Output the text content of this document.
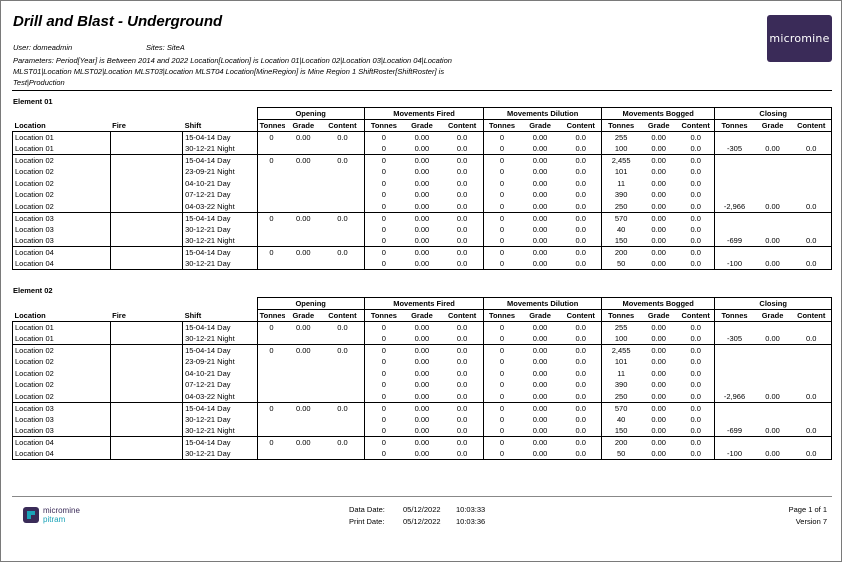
Drill and Blast - Underground
micromine
User: domeadmin	Sites: SiteA
Parameters: Period[Year] is Between 2014 and 2022 Location[Location] is Location 01|Location 02|Location 03|Location 04|Location
MLST01|Location MLST02|Location MLST03|Location MLST04 Location[MineRegion] is Mine Region 1 ShiftRoster[ShiftRoster] is
Test|Production
Element 01
			Opening			Movements Fired			Movements Dilution			Movements Bogged			Closing		
Location	Fire	Shift	Tonnes	Grade	Content	Tonnes	Grade	Content	Tonnes	Grade	Content	Tonnes	Grade	Content	Tonnes	Grade	Content
Location 01		15-04-14 Day	0	0.00	0.0	0	0.00	0.0	0	0.00	0.0	255	0.00	0.0			
Location 01		30-12-21 Night				0	0.00	0.0	0	0.00	0.0	100	0.00	0.0	-305	0.00	0.0
Location 02		15-04-14 Day	0	0.00	0.0	0	0.00	0.0	0	0.00	0.0	2,455	0.00	0.0			
Location 02		23-09-21 Night				0	0.00	0.0	0	0.00	0.0	101	0.00	0.0			
Location 02		04-10-21 Day				0	0.00	0.0	0	0.00	0.0	11	0.00	0.0			
Location 02		07-12-21 Day				0	0.00	0.0	0	0.00	0.0	390	0.00	0.0			
Location 02		04-03-22 Night				0	0.00	0.0	0	0.00	0.0	250	0.00	0.0	-2,966	0.00	0.0
Location 03		15-04-14 Day	0	0.00	0.0	0	0.00	0.0	0	0.00	0.0	570	0.00	0.0			
Location 03		30-12-21 Day				0	0.00	0.0	0	0.00	0.0	40	0.00	0.0			
Location 03		30-12-21 Night				0	0.00	0.0	0	0.00	0.0	150	0.00	0.0	-699	0.00	0.0
Location 04		15-04-14 Day	0	0.00	0.0	0	0.00	0.0	0	0.00	0.0	200	0.00	0.0			
Location 04		30-12-21 Day				0	0.00	0.0	0	0.00	0.0	50	0.00	0.0	-100	0.00	0.0
Element 02
			Opening			Movements Fired			Movements Dilution			Movements Bogged			Closing		
Location	Fire	Shift	Tonnes	Grade	Content	Tonnes	Grade	Content	Tonnes	Grade	Content	Tonnes	Grade	Content	Tonnes	Grade	Content
Location 01		15-04-14 Day	0	0.00	0.0	0	0.00	0.0	0	0.00	0.0	255	0.00	0.0			
Location 01		30-12-21 Night				0	0.00	0.0	0	0.00	0.0	100	0.00	0.0	-305	0.00	0.0
Location 02		15-04-14 Day	0	0.00	0.0	0	0.00	0.0	0	0.00	0.0	2,455	0.00	0.0			
Location 02		23-09-21 Night				0	0.00	0.0	0	0.00	0.0	101	0.00	0.0			
Location 02		04-10-21 Day				0	0.00	0.0	0	0.00	0.0	11	0.00	0.0			
Location 02		07-12-21 Day				0	0.00	0.0	0	0.00	0.0	390	0.00	0.0			
Location 02		04-03-22 Night				0	0.00	0.0	0	0.00	0.0	250	0.00	0.0	-2,966	0.00	0.0
Location 03		15-04-14 Day	0	0.00	0.0	0	0.00	0.0	0	0.00	0.0	570	0.00	0.0			
Location 03		30-12-21 Day				0	0.00	0.0	0	0.00	0.0	40	0.00	0.0			
Location 03		30-12-21 Night				0	0.00	0.0	0	0.00	0.0	150	0.00	0.0	-699	0.00	0.0
Location 04		15-04-14 Day	0	0.00	0.0	0	0.00	0.0	0	0.00	0.0	200	0.00	0.0			
Location 04		30-12-21 Day				0	0.00	0.0	0	0.00	0.0	50	0.00	0.0	-100	0.00	0.0
micromine
pitram
Data Date: 05/12/2022 10:03:33
Print Date: 05/12/2022 10:03:36
Page 1 of 1
Version 7
